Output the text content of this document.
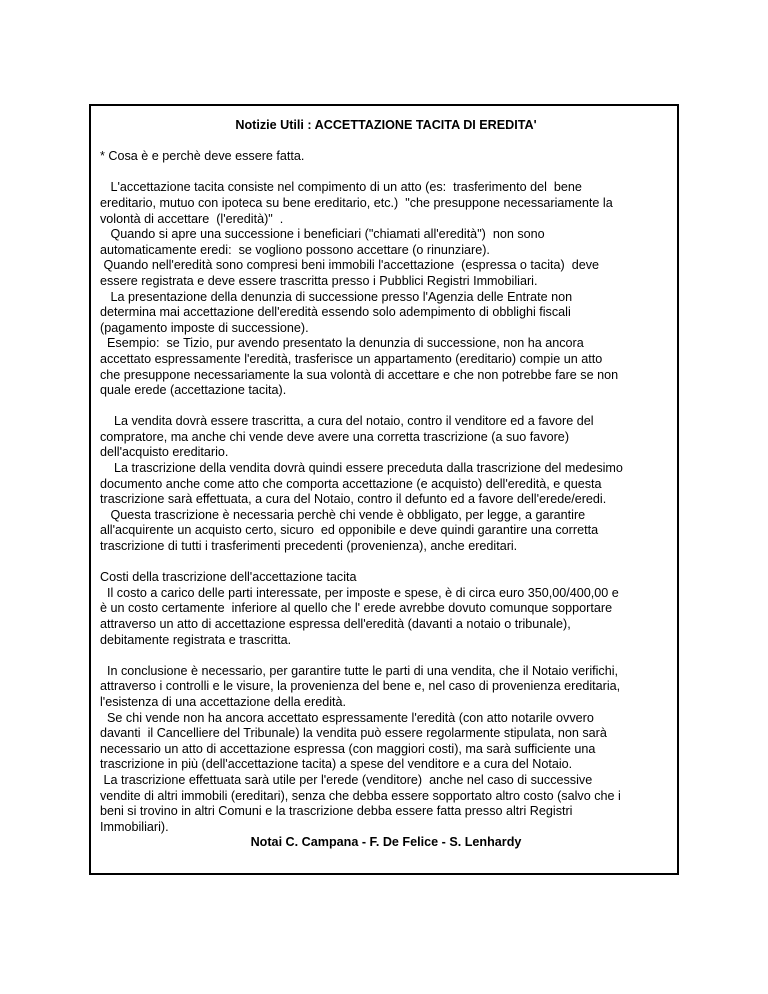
Notizie Utili : ACCETTAZIONE TACITA DI EREDITA'
* Cosa è e perchè deve essere fatta.
L'accettazione tacita consiste nel compimento di un atto (es:  trasferimento del  bene
ereditario, mutuo con ipoteca su bene ereditario, etc.)  "che presuppone necessariamente la
volontà di accettare  (l'eredità)"  .
Quando si apre una successione i beneficiari ("chiamati all'eredità")  non sono
automaticamente eredi:  se vogliono possono accettare (o rinunziare).
Quando nell'eredità sono compresi beni immobili l'accettazione  (espressa o tacita)  deve
essere registrata e deve essere trascritta presso i Pubblici Registri Immobiliari.
La presentazione della denunzia di successione presso l'Agenzia delle Entrate non
determina mai accettazione dell'eredità essendo solo adempimento di obblighi fiscali
(pagamento imposte di successione).
Esempio:  se Tizio, pur avendo presentato la denunzia di successione, non ha ancora
accettato espressamente l'eredità, trasferisce un appartamento (ereditario) compie un atto
che presuppone necessariamente la sua volontà di accettare e che non potrebbe fare se non
quale erede (accettazione tacita).
La vendita dovrà essere trascritta, a cura del notaio, contro il venditore ed a favore del
compratore, ma anche chi vende deve avere una corretta trascrizione (a suo favore)
dell'acquisto ereditario.
La trascrizione della vendita dovrà quindi essere preceduta dalla trascrizione del medesimo
documento anche come atto che comporta accettazione (e acquisto) dell'eredità, e questa
trascrizione sarà effettuata, a cura del Notaio, contro il defunto ed a favore dell'erede/eredi.
Questa trascrizione è necessaria perchè chi vende è obbligato, per legge, a garantire
all'acquirente un acquisto certo, sicuro  ed opponibile e deve quindi garantire una corretta
trascrizione di tutti i trasferimenti precedenti (provenienza), anche ereditari.
Costi della trascrizione dell'accettazione tacita
Il costo a carico delle parti interessate, per imposte e spese, è di circa euro 350,00/400,00 e
è un costo certamente  inferiore al quello che l' erede avrebbe dovuto comunque sopportare
attraverso un atto di accettazione espressa dell'eredità (davanti a notaio o tribunale),
debitamente registrata e trascritta.
In conclusione è necessario, per garantire tutte le parti di una vendita, che il Notaio verifichi,
attraverso i controlli e le visure, la provenienza del bene e, nel caso di provenienza ereditaria,
l'esistenza di una accettazione della eredità.
Se chi vende non ha ancora accettato espressamente l'eredità (con atto notarile ovvero
davanti  il Cancelliere del Tribunale) la vendita può essere regolarmente stipulata, non sarà
necessario un atto di accettazione espressa (con maggiori costi), ma sarà sufficiente una
trascrizione in più (dell'accettazione tacita) a spese del venditore e a cura del Notaio.
La trascrizione effettuata sarà utile per l'erede (venditore)  anche nel caso di successive
vendite di altri immobili (ereditari), senza che debba essere sopportato altro costo (salvo che i
beni si trovino in altri Comuni e la trascrizione debba essere fatta presso altri Registri
Immobiliari).
Notai C. Campana - F. De Felice - S. Lenhardy
